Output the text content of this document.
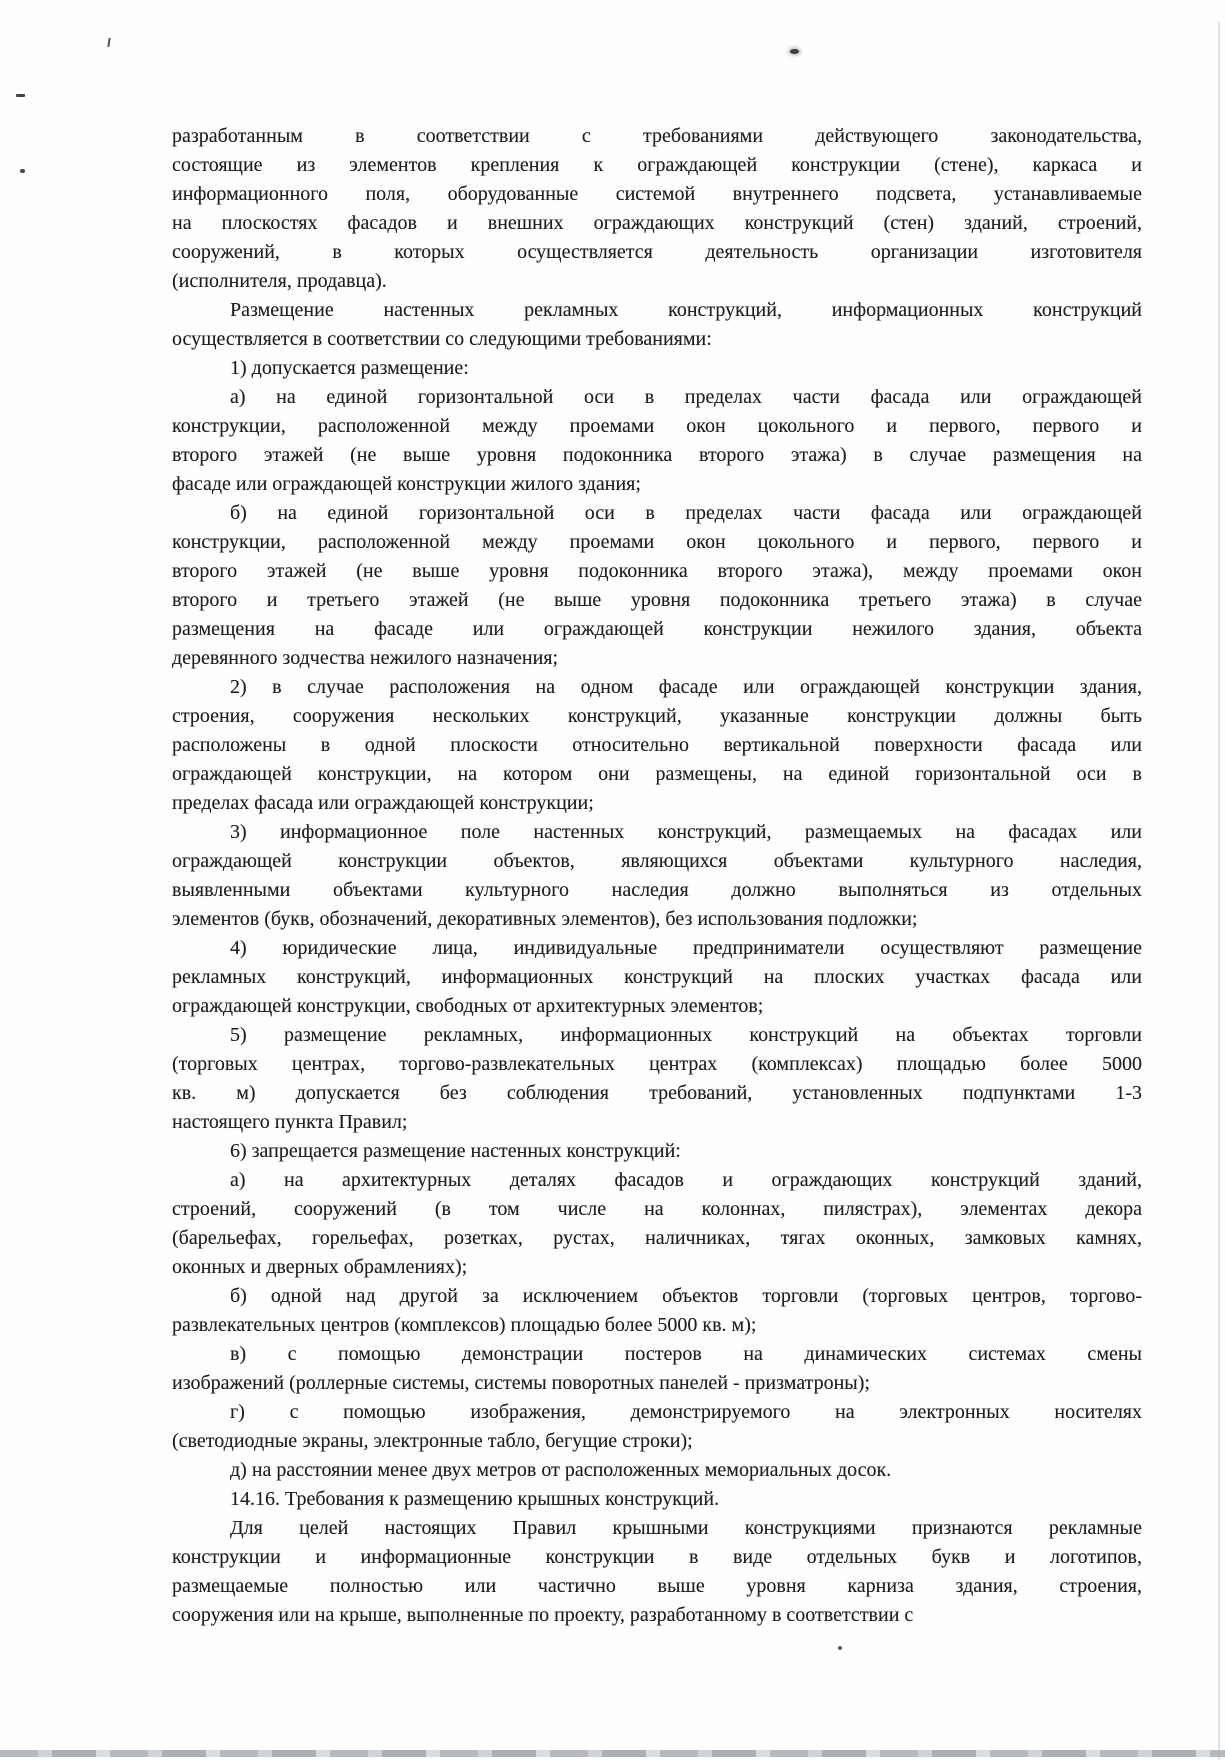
разработанным в соответствии с требованиями действующего законодательства,
состоящие из элементов крепления к ограждающей конструкции (стене), каркаса и
информационного поля, оборудованные системой внутреннего подсвета, устанавливаемые
на плоскостях фасадов и внешних ограждающих конструкций (стен) зданий, строений,
сооружений, в которых осуществляется деятельность организации изготовителя
(исполнителя, продавца).

Размещение настенных рекламных конструкций, информационных конструкций
осуществляется в соответствии со следующими требованиями:

1) допускается размещение:

а) на единой горизонтальной оси в пределах части фасада или ограждающей
конструкции, расположенной между проемами окон цокольного и первого, первого и
второго этажей (не выше уровня подоконника второго этажа) в случае размещения на
фасаде или ограждающей конструкции жилого здания;

б) на единой горизонтальной оси в пределах части фасада или ограждающей
конструкции, расположенной между проемами окон цокольного и первого, первого и
второго этажей (не выше уровня подоконника второго этажа), между проемами окон
второго и третьего этажей (не выше уровня подоконника третьего этажа) в случае
размещения на фасаде или ограждающей конструкции нежилого здания, объекта
деревянного зодчества нежилого назначения;

2) в случае расположения на одном фасаде или ограждающей конструкции здания,
строения, сооружения нескольких конструкций, указанные конструкции должны быть
расположены в одной плоскости относительно вертикальной поверхности фасада или
ограждающей конструкции, на котором они размещены, на единой горизонтальной оси в
пределах фасада или ограждающей конструкции;

3) информационное поле настенных конструкций, размещаемых на фасадах или
ограждающей конструкции объектов, являющихся объектами культурного наследия,
выявленными объектами культурного наследия должно выполняться из отдельных
элементов (букв, обозначений, декоративных элементов), без использования подложки;

4) юридические лица, индивидуальные предприниматели осуществляют размещение
рекламных конструкций, информационных конструкций на плоских участках фасада или
ограждающей конструкции, свободных от архитектурных элементов;

5) размещение рекламных, информационных конструкций на объектах торговли
(торговых центрах, торгово-развлекательных центрах (комплексах) площадью более 5000
кв. м) допускается без соблюдения требований, установленных подпунктами 1-3
настоящего пункта Правил;

6) запрещается размещение настенных конструкций:

а) на архитектурных деталях фасадов и ограждающих конструкций зданий,
строений, сооружений (в том числе на колоннах, пилястрах), элементах декора
(барельефах, горельефах, розетках, рустах, наличниках, тягах оконных, замковых камнях,
оконных и дверных обрамлениях);

б) одной над другой за исключением объектов торговли (торговых центров, торгово-
развлекательных центров (комплексов) площадью более 5000 кв. м);

в) с помощью демонстрации постеров на динамических системах смены
изображений (роллерные системы, системы поворотных панелей - призматроны);

г) с помощью изображения, демонстрируемого на электронных носителях
(светодиодные экраны, электронные табло, бегущие строки);

д) на расстоянии менее двух метров от расположенных мемориальных досок.

14.16. Требования к размещению крышных конструкций.

Для целей настоящих Правил крышными конструкциями признаются рекламные
конструкции и информационные конструкции в виде отдельных букв и логотипов,
размещаемые полностью или частично выше уровня карниза здания, строения,
сооружения или на крыше, выполненные по проекту, разработанному в соответствии с
